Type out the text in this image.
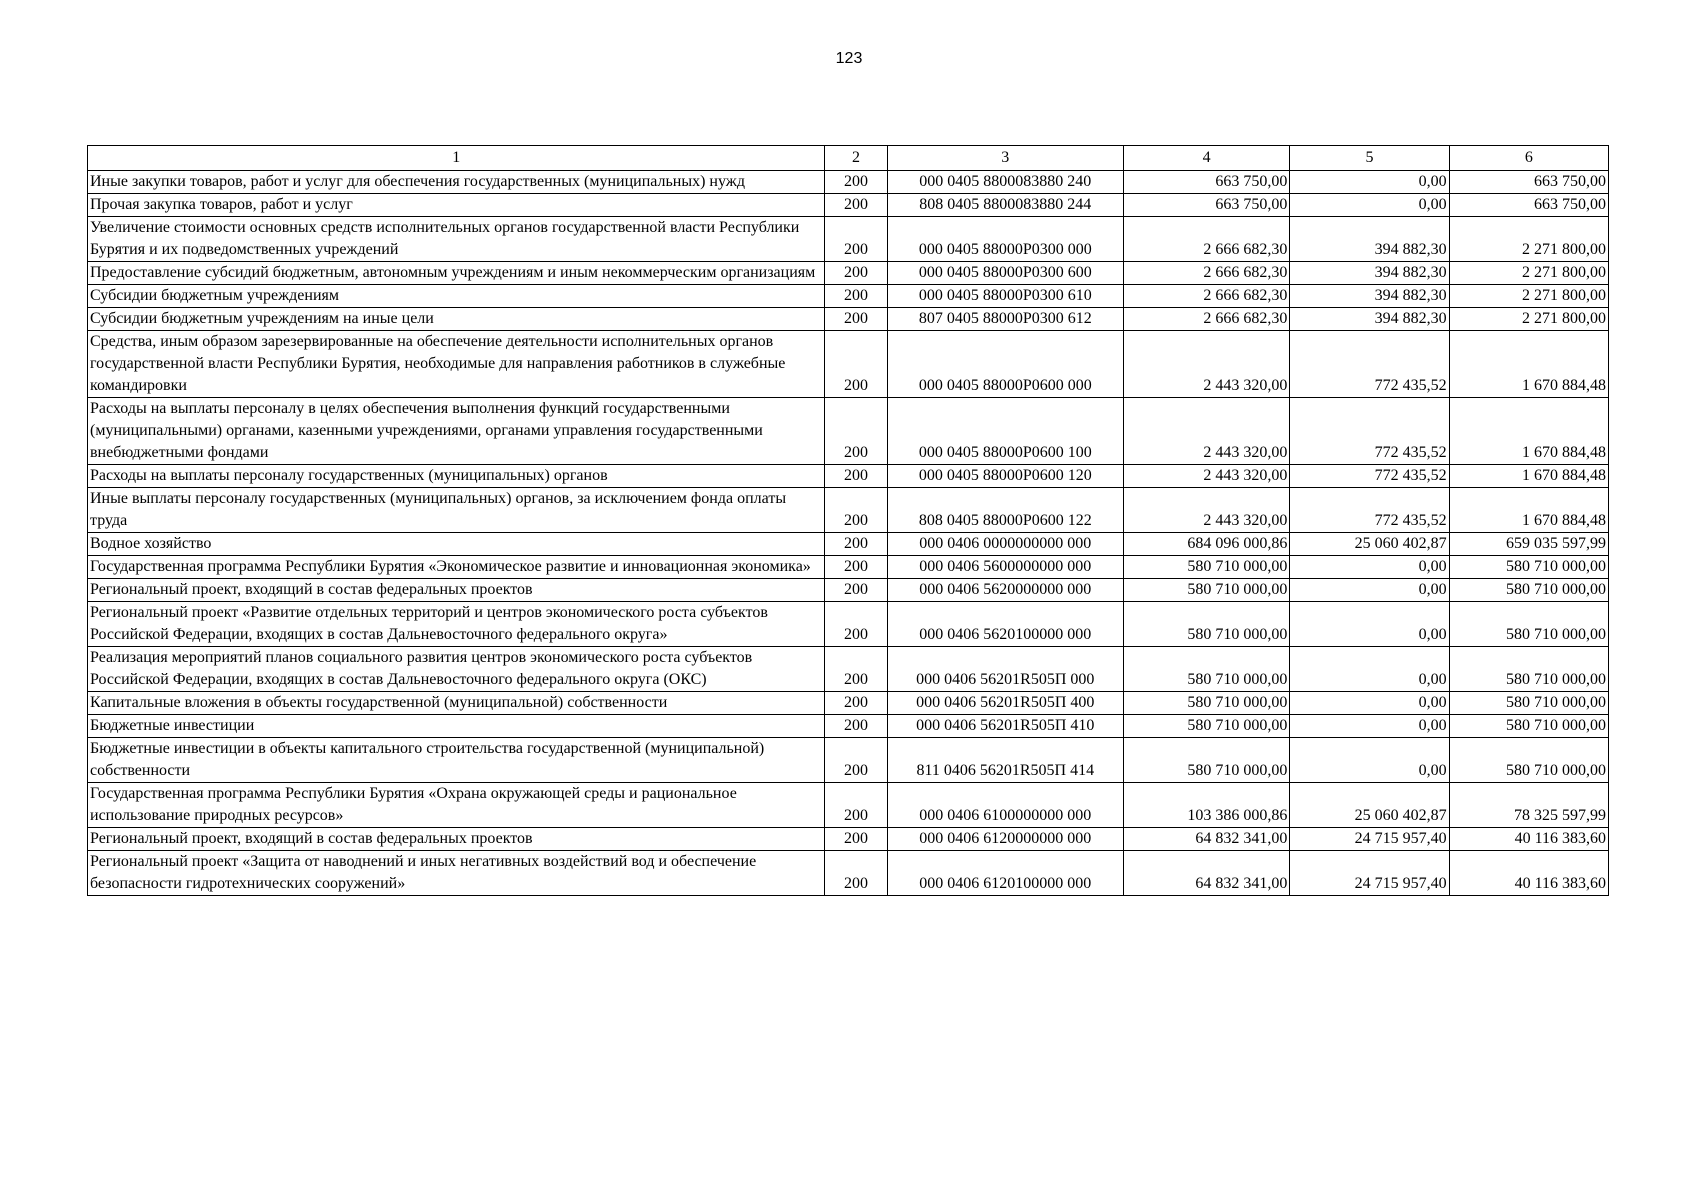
123
1	2	3	4	5	6
Иные закупки товаров, работ и услуг для обеспечения государственных (муниципальных) нужд	200	000 0405 8800083880 240	663 750,00	0,00	663 750,00
Прочая закупка товаров, работ и услуг	200	808 0405 8800083880 244	663 750,00	0,00	663 750,00
Увеличение стоимости основных средств исполнительных органов государственной власти Республики Бурятия и их подведомственных учреждений	200	000 0405 88000P0300 000	2 666 682,30	394 882,30	2 271 800,00
Предоставление субсидий бюджетным, автономным учреждениям и иным некоммерческим организациям	200	000 0405 88000P0300 600	2 666 682,30	394 882,30	2 271 800,00
Субсидии бюджетным учреждениям	200	000 0405 88000P0300 610	2 666 682,30	394 882,30	2 271 800,00
Субсидии бюджетным учреждениям на иные цели	200	807 0405 88000P0300 612	2 666 682,30	394 882,30	2 271 800,00
Средства, иным образом зарезервированные на обеспечение деятельности исполнительных органов государственной власти Республики Бурятия, необходимые для направления работников в служебные командировки	200	000 0405 88000P0600 000	2 443 320,00	772 435,52	1 670 884,48
Расходы на выплаты персоналу в целях обеспечения выполнения функций государственными (муниципальными) органами, казенными учреждениями, органами управления государственными внебюджетными фондами	200	000 0405 88000P0600 100	2 443 320,00	772 435,52	1 670 884,48
Расходы на выплаты персоналу государственных (муниципальных) органов	200	000 0405 88000P0600 120	2 443 320,00	772 435,52	1 670 884,48
Иные выплаты персоналу государственных (муниципальных) органов, за исключением фонда оплаты труда	200	808 0405 88000P0600 122	2 443 320,00	772 435,52	1 670 884,48
Водное хозяйство	200	000 0406 0000000000 000	684 096 000,86	25 060 402,87	659 035 597,99
Государственная программа Республики Бурятия «Экономическое развитие и инновационная экономика»	200	000 0406 5600000000 000	580 710 000,00	0,00	580 710 000,00
Региональный проект, входящий в состав федеральных проектов	200	000 0406 5620000000 000	580 710 000,00	0,00	580 710 000,00
Региональный проект «Развитие отдельных территорий и центров экономического роста субъектов Российской Федерации, входящих в состав Дальневосточного федерального округа»	200	000 0406 5620100000 000	580 710 000,00	0,00	580 710 000,00
Реализация мероприятий планов социального развития центров экономического роста субъектов Российской Федерации, входящих в состав Дальневосточного федерального округа (ОКС)	200	000 0406 56201R505П 000	580 710 000,00	0,00	580 710 000,00
Капитальные вложения в объекты государственной (муниципальной) собственности	200	000 0406 56201R505П 400	580 710 000,00	0,00	580 710 000,00
Бюджетные инвестиции	200	000 0406 56201R505П 410	580 710 000,00	0,00	580 710 000,00
Бюджетные инвестиции в объекты капитального строительства государственной (муниципальной) собственности	200	811 0406 56201R505П 414	580 710 000,00	0,00	580 710 000,00
Государственная программа Республики Бурятия «Охрана окружающей среды и рациональное использование природных ресурсов»	200	000 0406 6100000000 000	103 386 000,86	25 060 402,87	78 325 597,99
Региональный проект, входящий в состав федеральных проектов	200	000 0406 6120000000 000	64 832 341,00	24 715 957,40	40 116 383,60
Региональный проект «Защита от наводнений и иных негативных воздействий вод и обеспечение безопасности гидротехнических сооружений»	200	000 0406 6120100000 000	64 832 341,00	24 715 957,40	40 116 383,60
